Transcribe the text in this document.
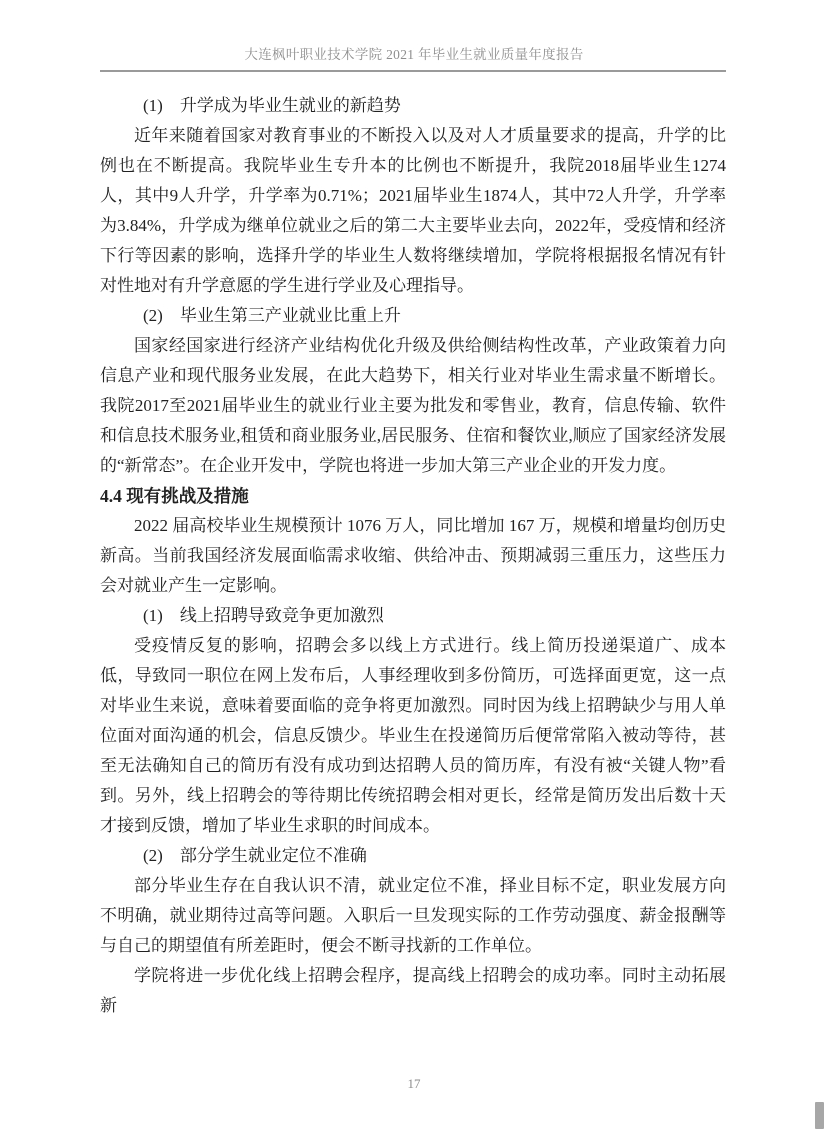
大连枫叶职业技术学院 2021 年毕业生就业质量年度报告

(1)　升学成为毕业生就业的新趋势

近年来随着国家对教育事业的不断投入以及对人才质量要求的提高，升学的比例也在不断提高。我院毕业生专升本的比例也不断提升，我院2018届毕业生1274人，其中9人升学，升学率为0.71%；2021届毕业生1874人，其中72人升学，升学率为3.84%，升学成为继单位就业之后的第二大主要毕业去向，2022年，受疫情和经济下行等因素的影响，选择升学的毕业生人数将继续增加，学院将根据报名情况有针对性地对有升学意愿的学生进行学业及心理指导。

(2)　毕业生第三产业就业比重上升

国家经国家进行经济产业结构优化升级及供给侧结构性改革，产业政策着力向信息产业和现代服务业发展，在此大趋势下，相关行业对毕业生需求量不断增长。我院2017至2021届毕业生的就业行业主要为批发和零售业，教育，信息传输、软件和信息技术服务业,租赁和商业服务业,居民服务、住宿和餐饮业,顺应了国家经济发展的“新常态”。在企业开发中，学院也将进一步加大第三产业企业的开发力度。

4.4 现有挑战及措施

2022 届高校毕业生规模预计 1076 万人，同比增加 167 万，规模和增量均创历史新高。当前我国经济发展面临需求收缩、供给冲击、预期减弱三重压力，这些压力会对就业产生一定影响。

(1)　线上招聘导致竞争更加激烈

受疫情反复的影响，招聘会多以线上方式进行。线上简历投递渠道广、成本低，导致同一职位在网上发布后，人事经理收到多份简历，可选择面更宽，这一点对毕业生来说，意味着要面临的竞争将更加激烈。同时因为线上招聘缺少与用人单位面对面沟通的机会，信息反馈少。毕业生在投递简历后便常常陷入被动等待，甚至无法确知自己的简历有没有成功到达招聘人员的简历库，有没有被“关键人物”看到。另外，线上招聘会的等待期比传统招聘会相对更长，经常是简历发出后数十天才接到反馈，增加了毕业生求职的时间成本。

(2)　部分学生就业定位不准确

部分毕业生存在自我认识不清，就业定位不准，择业目标不定，职业发展方向不明确，就业期待过高等问题。入职后一旦发现实际的工作劳动强度、薪金报酬等与自己的期望值有所差距时，便会不断寻找新的工作单位。

学院将进一步优化线上招聘会程序，提高线上招聘会的成功率。同时主动拓展新

17
